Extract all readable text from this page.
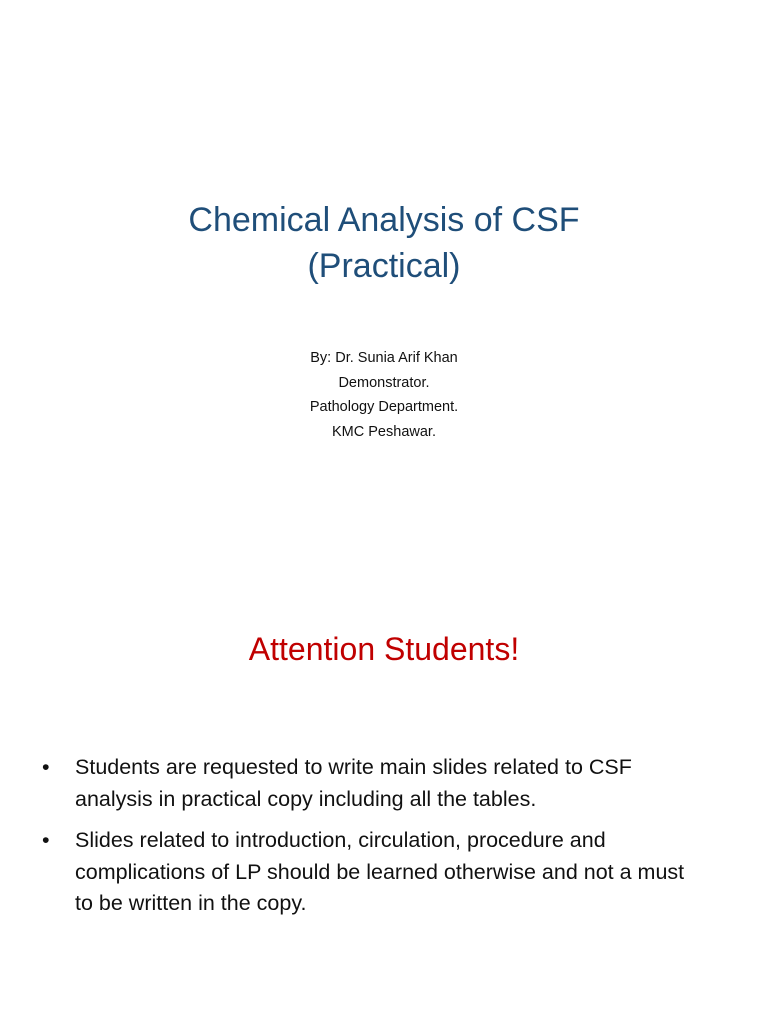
Chemical Analysis of CSF
(Practical)
By: Dr. Sunia Arif Khan
Demonstrator.
Pathology Department.
KMC Peshawar.
Attention Students!
• Students are requested to write main slides related to CSF analysis in practical copy including all the tables.
• Slides related to introduction, circulation, procedure and complications of LP should be learned otherwise and not a must to be written in the copy.
